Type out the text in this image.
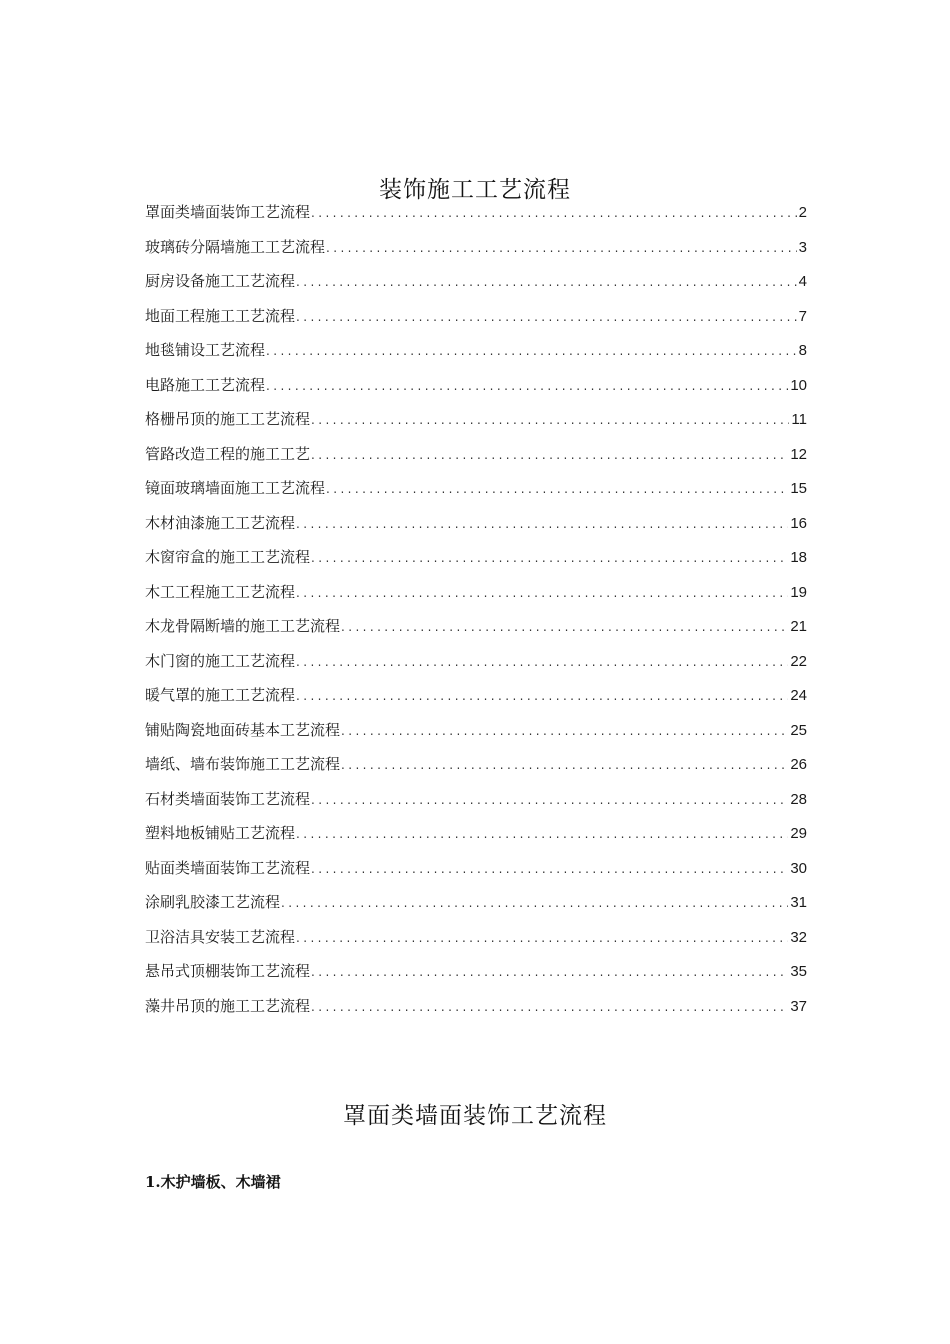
装饰施工工艺流程
罩面类墙面装饰工艺流程 .....	2
玻璃砖分隔墙施工工艺流程 .....	3
厨房设备施工工艺流程 .....	4
地面工程施工工艺流程 .....	7
地毯铺设工艺流程 .....	8
电路施工工艺流程 .....	10
格栅吊顶的施工工艺流程 .....	11
管路改造工程的施工工艺 .....	12
镜面玻璃墙面施工工艺流程 .....	15
木材油漆施工工艺流程 .....	16
木窗帘盒的施工工艺流程 .....	18
木工工程施工工艺流程 .....	19
木龙骨隔断墙的施工工艺流程 .....	21
木门窗的施工工艺流程 .....	22
暖气罩的施工工艺流程 .....	24
铺贴陶瓷地面砖基本工艺流程 .....	25
墙纸、墙布装饰施工工艺流程 .....	26
石材类墙面装饰工艺流程 .....	28
塑料地板铺贴工艺流程 .....	29
贴面类墙面装饰工艺流程 .....	30
涂刷乳胶漆工艺流程 .....	31
卫浴洁具安装工艺流程 .....	32
悬吊式顶棚装饰工艺流程 .....	35
藻井吊顶的施工工艺流程 .....	37
罩面类墙面装饰工艺流程
1.木护墙板、木墙裙
